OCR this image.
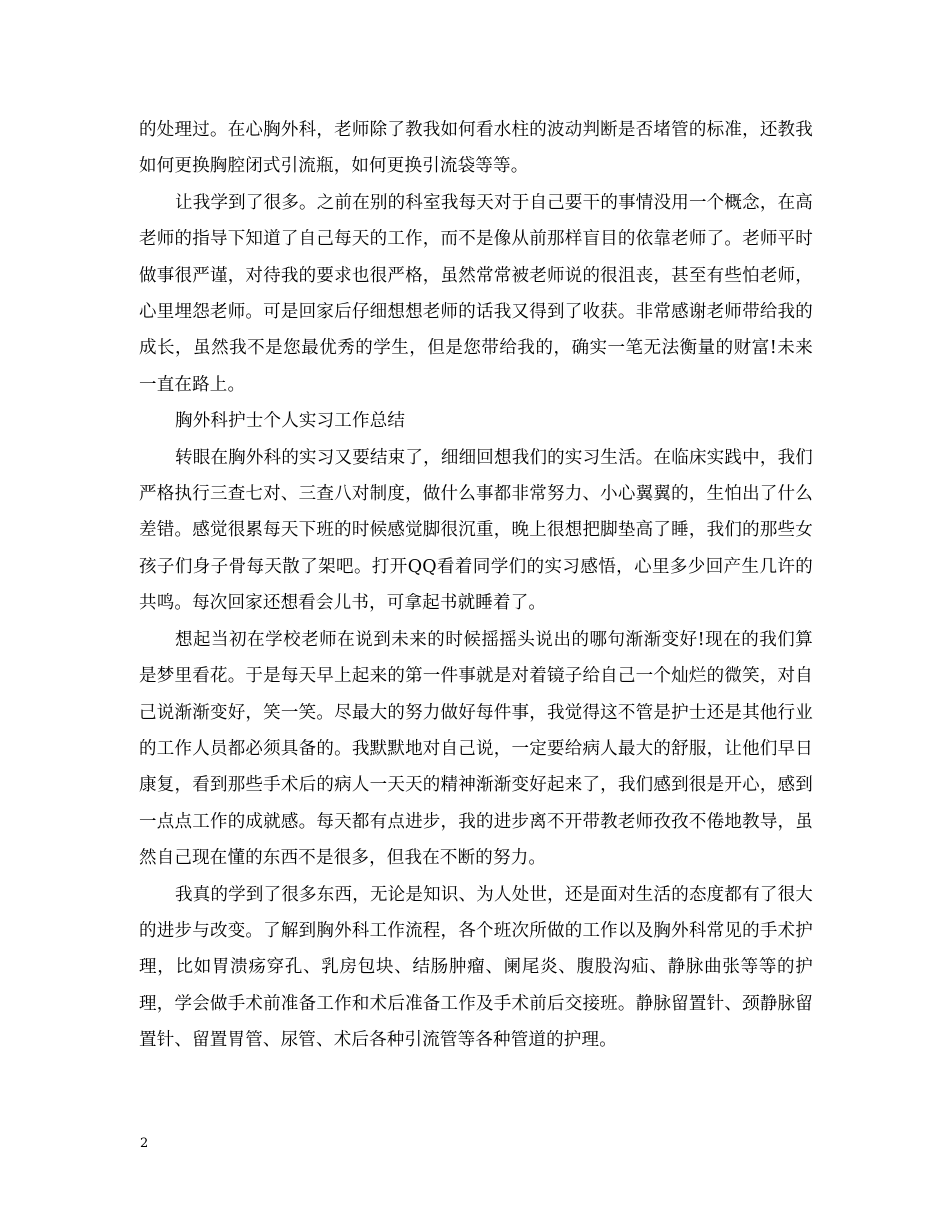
的处理过。在心胸外科，老师除了教我如何看水柱的波动判断是否堵管的标准，还教我如何更换胸腔闭式引流瓶，如何更换引流袋等等。

让我学到了很多。之前在别的科室我每天对于自己要干的事情没用一个概念，在高老师的指导下知道了自己每天的工作，而不是像从前那样盲目的依靠老师了。老师平时做事很严谨，对待我的要求也很严格，虽然常常被老师说的很沮丧，甚至有些怕老师，心里埋怨老师。可是回家后仔细想想老师的话我又得到了收获。非常感谢老师带给我的成长，虽然我不是您最优秀的学生，但是您带给我的，确实一笔无法衡量的财富!未来一直在路上。

胸外科护士个人实习工作总结

转眼在胸外科的实习又要结束了，细细回想我们的实习生活。在临床实践中，我们严格执行三查七对、三查八对制度，做什么事都非常努力、小心翼翼的，生怕出了什么差错。感觉很累每天下班的时候感觉脚很沉重，晚上很想把脚垫高了睡，我们的那些女孩子们身子骨每天散了架吧。打开QQ看着同学们的实习感悟，心里多少回产生几许的共鸣。每次回家还想看会儿书，可拿起书就睡着了。

想起当初在学校老师在说到未来的时候摇摇头说出的哪句渐渐变好!现在的我们算是梦里看花。于是每天早上起来的第一件事就是对着镜子给自己一个灿烂的微笑，对自己说渐渐变好，笑一笑。尽最大的努力做好每件事，我觉得这不管是护士还是其他行业的工作人员都必须具备的。我默默地对自己说，一定要给病人最大的舒服，让他们早日康复，看到那些手术后的病人一天天的精神渐渐变好起来了，我们感到很是开心，感到一点点工作的成就感。每天都有点进步，我的进步离不开带教老师孜孜不倦地教导，虽然自己现在懂的东西不是很多，但我在不断的努力。

我真的学到了很多东西，无论是知识、为人处世，还是面对生活的态度都有了很大的进步与改变。了解到胸外科工作流程，各个班次所做的工作以及胸外科常见的手术护理，比如胃溃疡穿孔、乳房包块、结肠肿瘤、阑尾炎、腹股沟疝、静脉曲张等等的护理，学会做手术前准备工作和术后准备工作及手术前后交接班。静脉留置针、颈静脉留置针、留置胃管、尿管、术后各种引流管等各种管道的护理。

2
